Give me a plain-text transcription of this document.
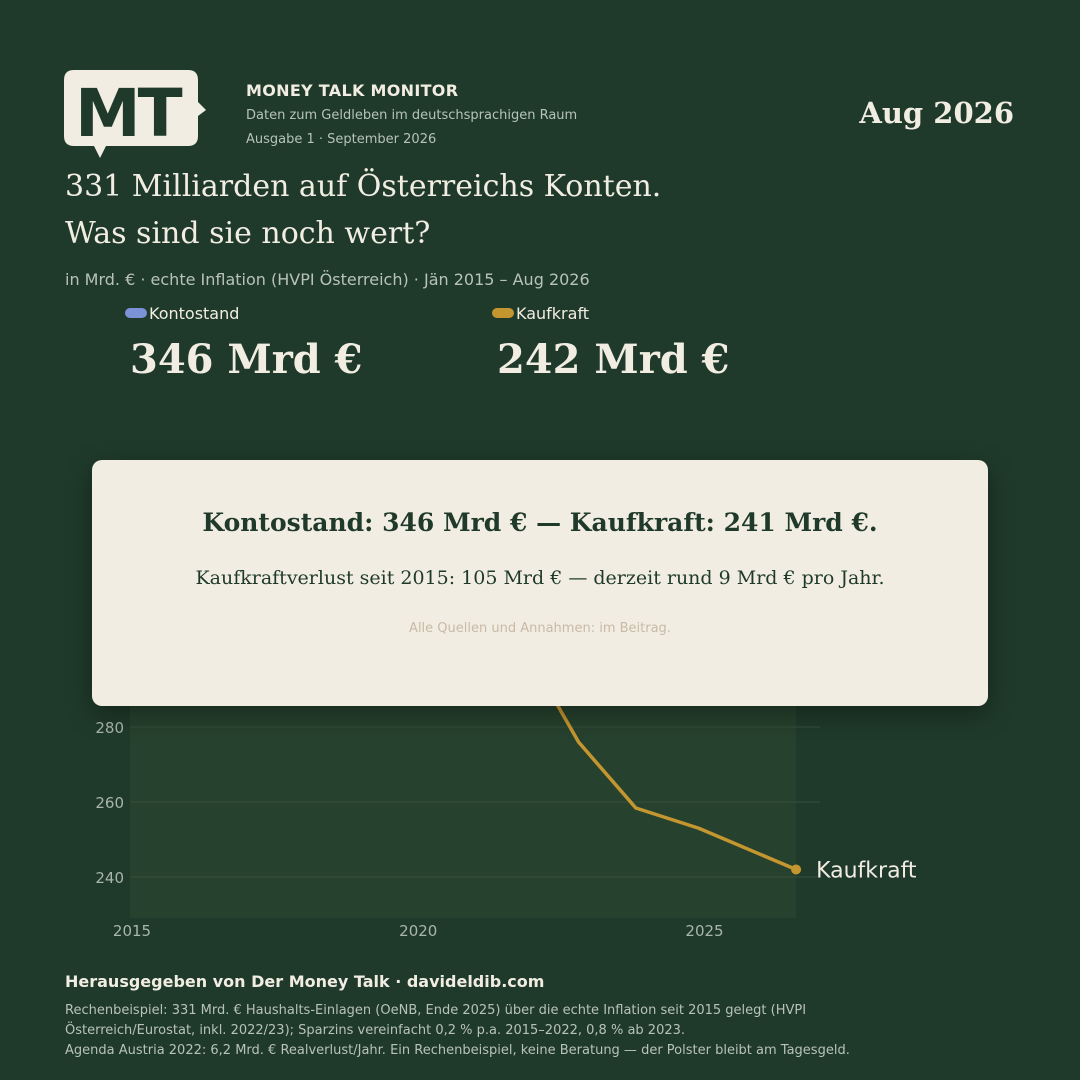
MT	MONEY TALK MONITOR
Daten zum Geldleben im deutschsprachigen Raum
Ausgabe 1 · September 2026
Aug 2026
331 Milliarden auf Österreichs Konten.
Was sind sie noch wert?
in Mrd. € · echte Inflation (HVPI Österreich) · Jän 2015 – Aug 2026
Kontostand
346 Mrd €
Kaufkraft
242 Mrd €
240
260
280
2015	2020	2025
Kaufkraft
Kontostand: 346 Mrd € — Kaufkraft: 241 Mrd €.
Kaufkraftverlust seit 2015: 105 Mrd € — derzeit rund 9 Mrd € pro Jahr.
Alle Quellen und Annahmen: im Beitrag.
Herausgegeben von Der Money Talk · davideldib.com
Rechenbeispiel: 331 Mrd. € Haushalts-Einlagen (OeNB, Ende 2025) über die echte Inflation seit 2015 gelegt (HVPI
Österreich/Eurostat, inkl. 2022/23); Sparzins vereinfacht 0,2 % p.a. 2015–2022, 0,8 % ab 2023.
Agenda Austria 2022: 6,2 Mrd. € Realverlust/Jahr. Ein Rechenbeispiel, keine Beratung — der Polster bleibt am Tagesgeld.
